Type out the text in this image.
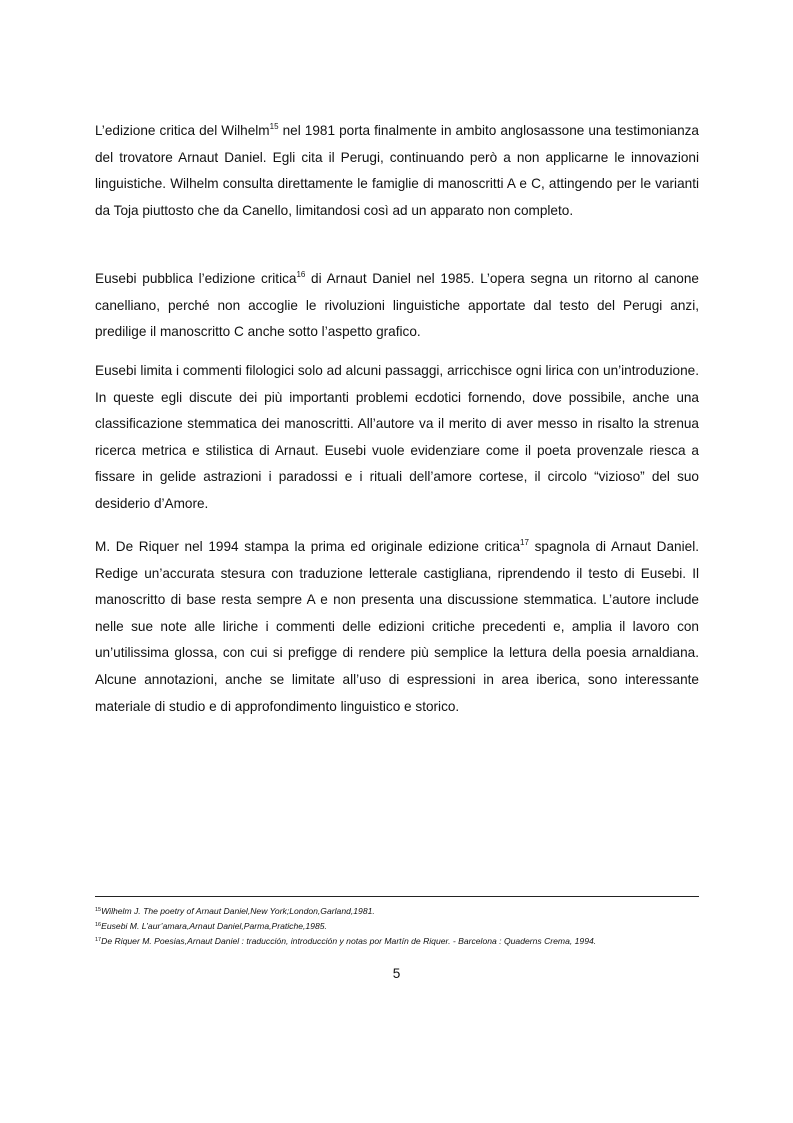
L’edizione critica del Wilhelm$^{15}$ nel 1981 porta finalmente in ambito anglosassone una testimonianza del trovatore Arnaut Daniel. Egli cita il Perugi, continuando però a non applicarne le innovazioni linguistiche. Wilhelm consulta direttamente le famiglie di manoscritti A e C, attingendo per le varianti da Toja piuttosto che da Canello, limitandosi così ad un apparato non completo.

Eusebi pubblica l’edizione critica$^{16}$ di Arnaut Daniel nel 1985. L’opera segna un ritorno al canone canelliano, perché non accoglie le rivoluzioni linguistiche apportate dal testo del Perugi anzi, predilige il manoscritto C anche sotto l’aspetto grafico.

Eusebi limita i commenti filologici solo ad alcuni passaggi, arricchisce ogni lirica con un’introduzione. In queste egli discute dei più importanti problemi ecdotici fornendo, dove possibile, anche una classificazione stemmatica dei manoscritti. All’autore va il merito di aver messo in risalto la strenua ricerca metrica e stilistica di Arnaut. Eusebi vuole evidenziare come il poeta provenzale riesca a fissare in gelide astrazioni i paradossi e i rituali dell’amore cortese, il circolo “vizioso” del suo desiderio d’Amore.

M. De Riquer nel 1994 stampa la prima ed originale edizione critica$^{17}$ spagnola di Arnaut Daniel. Redige un’accurata stesura con traduzione letterale castigliana, riprendendo il testo di Eusebi. Il manoscritto di base resta sempre A e non presenta una discussione stemmatica. L’autore include nelle sue note alle liriche i commenti delle edizioni critiche precedenti e, amplia il lavoro con un’utilissima glossa, con cui si prefigge di rendere più semplice la lettura della poesia arnaldiana. Alcune annotazioni, anche se limitate all’uso di espressioni in area iberica, sono interessante materiale di studio e di approfondimento linguistico e storico.

$^{15}$Wilhelm J. The poetry of Arnaut Daniel,New York;London,Garland,1981.
$^{16}$Eusebi M. L’aur’amara,Arnaut Daniel,Parma,Pratiche,1985.
$^{17}$De Riquer M. Poesias,Arnaut Daniel : traducción, introducción y notas por Martín de Riquer. - Barcelona : Quaderns Crema, 1994.
5
